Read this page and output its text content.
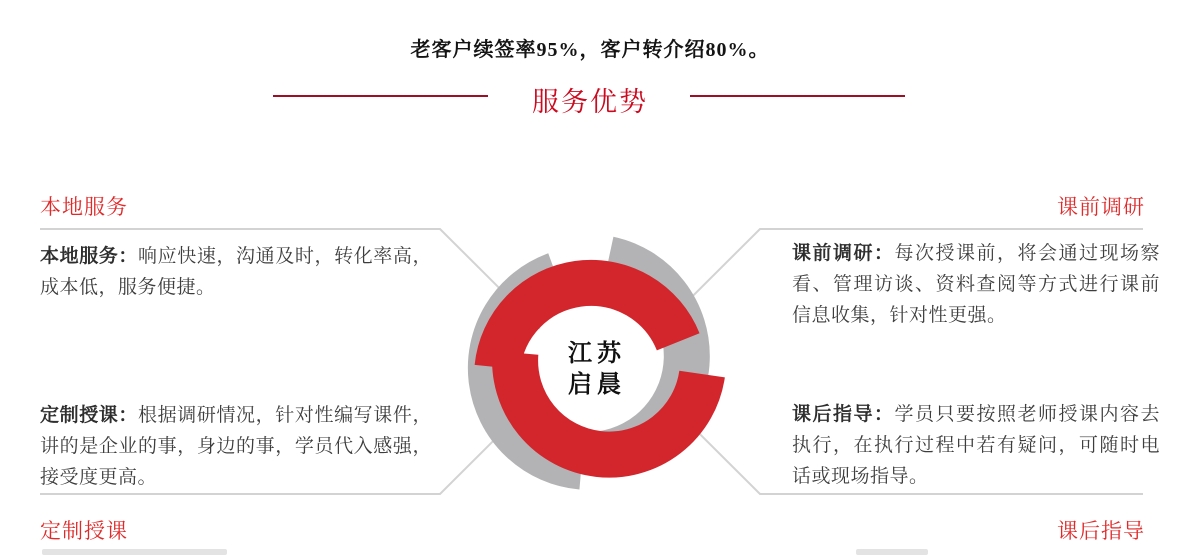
老客户续签率95%，客户转介绍80%。
服务优势
江苏
启晨
本地服务	课前调研
定制授课	课后指导
本地服务：响应快速，沟通及时，转化率高，成本低，服务便捷。
课前调研：每次授课前，将会通过现场察看、管理访谈、资料查阅等方式进行课前信息收集，针对性更强。
定制授课：根据调研情况，针对性编写课件，讲的是企业的事，身边的事，学员代入感强，接受度更高。
课后指导：学员只要按照老师授课内容去执行，在执行过程中若有疑问，可随时电话或现场指导。
